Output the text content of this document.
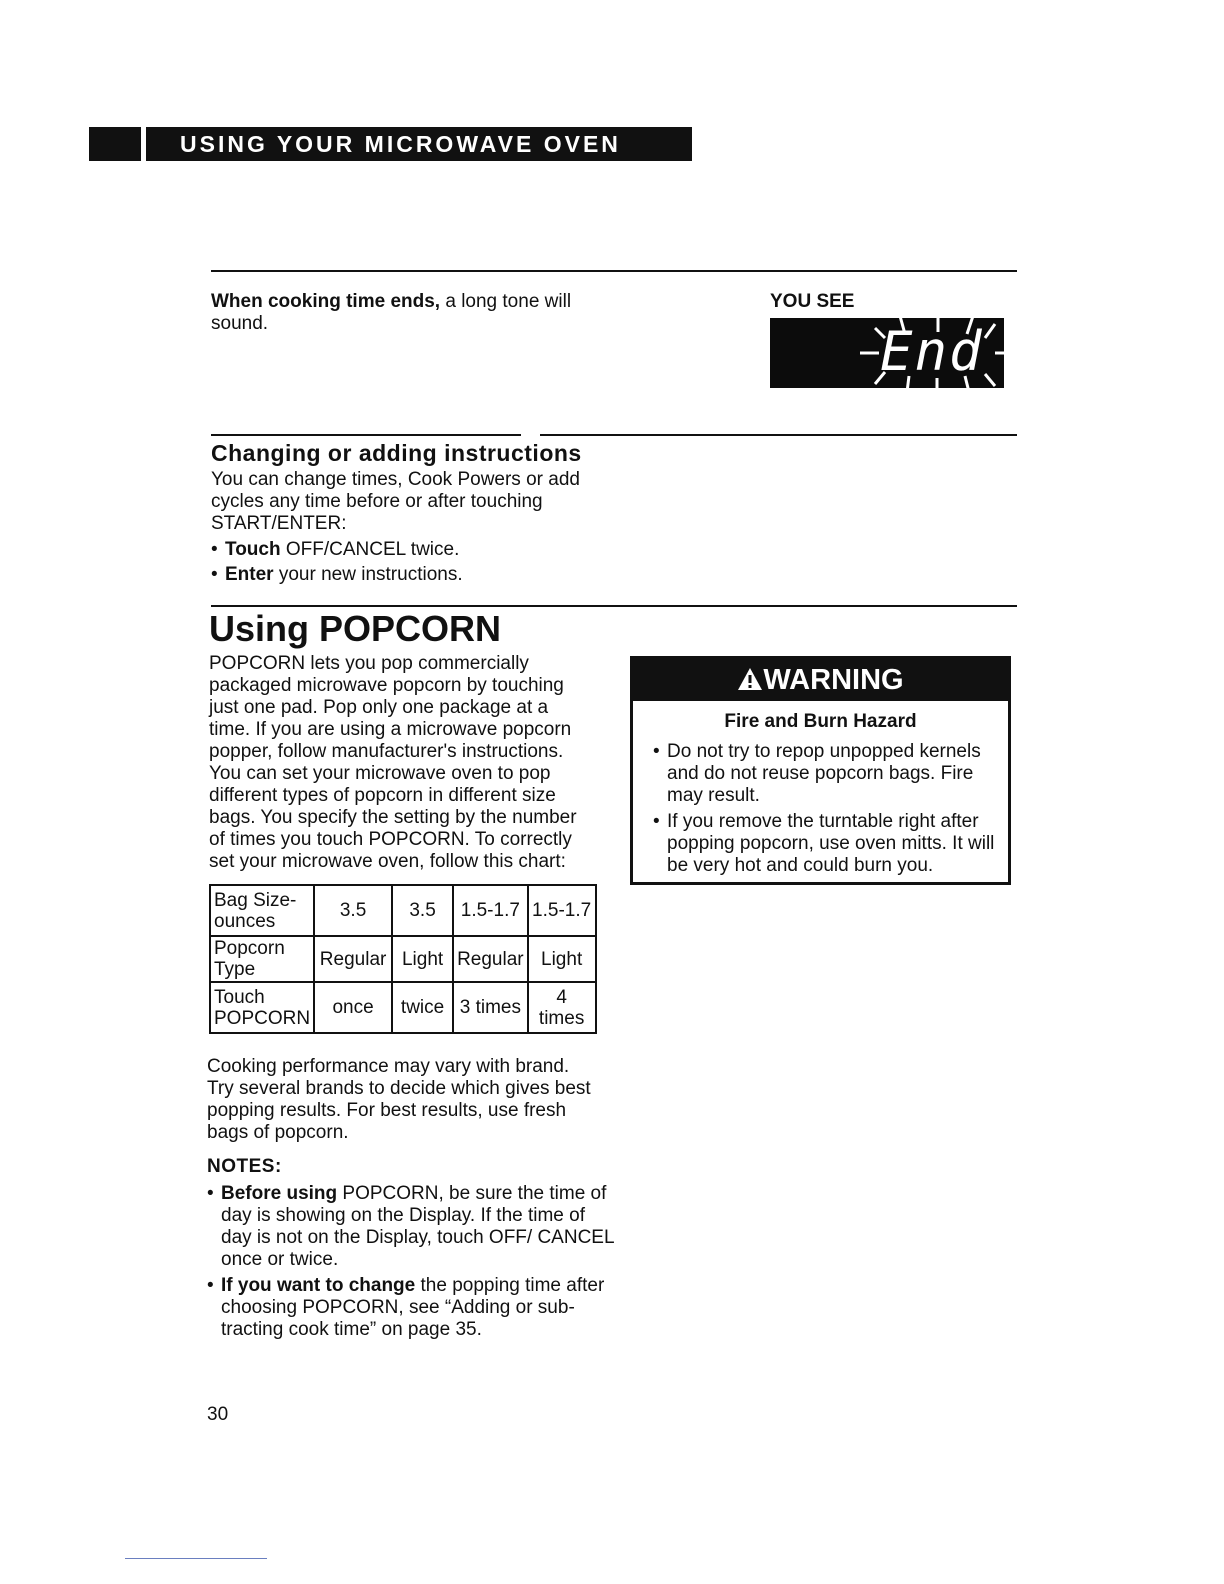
USING YOUR MICROWAVE OVEN
When cooking time ends, a long tone will sound.
YOU SEE
End
Changing or adding instructions
You can change times, Cook Powers or add cycles any time before or after touching START/ENTER:
• Touch OFF/CANCEL twice.
• Enter your new instructions.
Using POPCORN
POPCORN lets you pop commercially packaged microwave popcorn by touching just one pad. Pop only one package at a time. If you are using a microwave popcorn popper, follow manufacturer's instructions. You can set your microwave oven to pop different types of popcorn in different size bags. You specify the setting by the number of times you touch POPCORN. To correctly set your microwave oven, follow this chart:
Bag Size-
ounces	3.5	3.5	1.5-1.7	1.5-1.7
Popcorn
Type	Regular	Light	Regular	Light
Touch
POPCORN	once	twice	3 times	4 times
Cooking performance may vary with brand. Try several brands to decide which gives best popping results. For best results, use fresh bags of popcorn.
NOTES:
• Before using POPCORN, be sure the time of day is showing on the Display. If the time of day is not on the Display, touch OFF/ CANCEL once or twice.
• If you want to change the popping time after choosing POPCORN, see “Adding or sub-tracting cook time” on page 35.
WARNING
Fire and Burn Hazard
• Do not try to repop unpopped kernels and do not reuse popcorn bags. Fire may result.
• If you remove the turntable right after popping popcorn, use oven mitts. It will be very hot and could burn you.
30
